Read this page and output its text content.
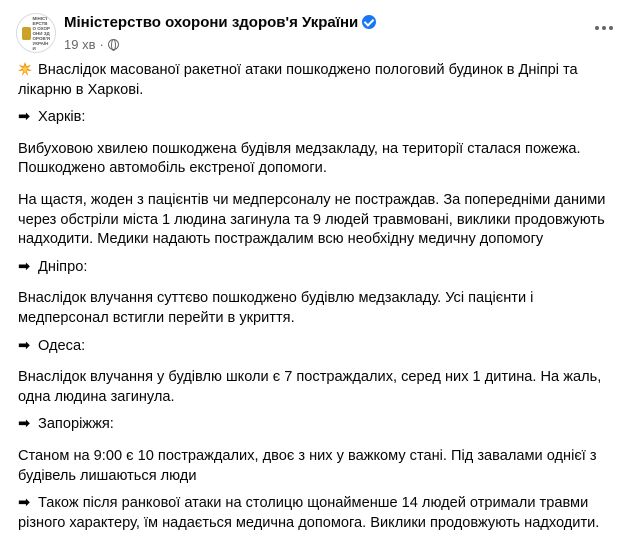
МІНІСТЕРСТВО ОХОРОНИ ЗДОРОВ'Я УКРАЇНИ
Міністерство охорони здоров'я України
19 хв ·

Внаслідок масованої ракетної атаки пошкоджено пологовий будинок в Дніпрі та лікарню в Харкові.

➡ Харків:

Вибуховою хвилею пошкоджена будівля медзакладу, на території сталася пожежа. Пошкоджено автомобіль екстреної допомоги.

На щастя, жоден з пацієнтів чи медперсоналу не постраждав. За попередніми даними через обстріли міста 1 людина загинула та 9 людей травмовані, виклики продовжують надходити. Медики надають постраждалим всю необхідну медичну допомогу

➡ Дніпро:

Внаслідок влучання суттєво пошкоджено будівлю медзакладу. Усі пацієнти і медперсонал встигли перейти в укриття.

➡ Одеса:

Внаслідок влучання у будівлю школи є 7 постраждалих, серед них 1 дитина. На жаль, одна людина загинула.

➡ Запоріжжя:

Станом на 9:00 є 10 постраждалих, двоє з них у важкому стані. Під завалами однієї з будівель лишаються люди

➡ Також після ранкової атаки на столицю щонайменше 14 людей отримали травми різного характеру, їм надається медична допомога. Виклики продовжують надходити.
